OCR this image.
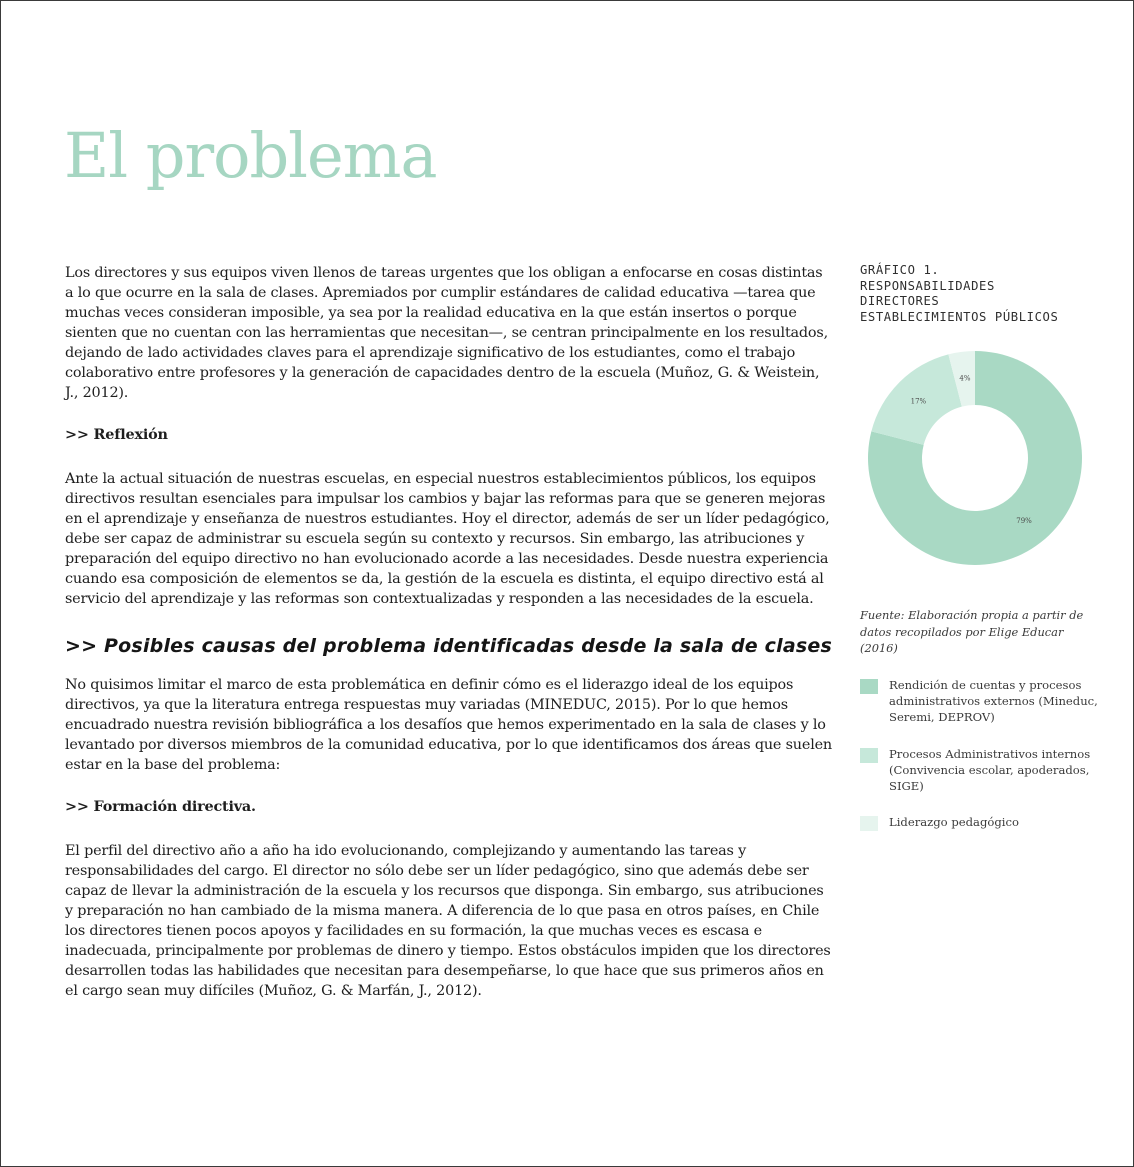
El problema

Los directores y sus equipos viven llenos de tareas urgentes que los obligan a enfocarse en cosas distintas a lo que ocurre en la sala de clases. Apremiados por cumplir estándares de calidad educativa —tarea que muchas veces consideran imposible, ya sea por la realidad educativa en la que están insertos o porque sienten que no cuentan con las herramientas que necesitan—, se centran principalmente en los resultados, dejando de lado actividades claves para el aprendizaje significativo de los estudiantes, como el trabajo colaborativo entre profesores y la generación de capacidades dentro de la escuela (Muñoz, G. & Weistein, J., 2012).

>> Reflexión

Ante la actual situación de nuestras escuelas, en especial nuestros establecimientos públicos, los equipos directivos resultan esenciales para impulsar los cambios y bajar las reformas para que se generen mejoras en el aprendizaje y enseñanza de nuestros estudiantes. Hoy el director, además de ser un líder pedagógico, debe ser capaz de administrar su escuela según su contexto y recursos. Sin embargo, las atribuciones y preparación del equipo directivo no han evolucionado acorde a las necesidades. Desde nuestra experiencia cuando esa composición de elementos se da, la gestión de la escuela es distinta, el equipo directivo está al servicio del aprendizaje y las reformas son contextualizadas y responden a las necesidades de la escuela.

>> Posibles causas del problema identificadas desde la sala de clases

No quisimos limitar el marco de esta problemática en definir cómo es el liderazgo ideal de los equipos directivos, ya que la literatura entrega respuestas muy variadas (MINEDUC, 2015). Por lo que hemos encuadrado nuestra revisión bibliográfica a los desafíos que hemos experimentado en la sala de clases y lo levantado por diversos miembros de la comunidad educativa, por lo que identificamos dos áreas que suelen estar en la base del problema:

>> Formación directiva.

El perfil del directivo año a año ha ido evolucionando, complejizando y aumentando las tareas y responsabilidades del cargo. El director no sólo debe ser un líder pedagógico, sino que además debe ser capaz de llevar la administración de la escuela y los recursos que disponga. Sin embargo, sus atribuciones y preparación no han cambiado de la misma manera. A diferencia de lo que pasa en otros países, en Chile los directores tienen pocos apoyos y facilidades en su formación, la que muchas veces es escasa e inadecuada, principalmente por problemas de dinero y tiempo. Estos obstáculos impiden que los directores desarrollen todas las habilidades que necesitan para desempeñarse, lo que hace que sus primeros años en el cargo sean muy difíciles (Muñoz, G. & Marfán, J., 2012).

GRÁFICO 1.

RESPONSABILIDADES

DIRECTORES

ESTABLECIMIENTOS PÚBLICOS

79%
17%
4%
Fuente: Elaboración propia a partir de datos recopilados por Elige Educar (2016)
Rendición de cuentas y procesos administrativos externos (Mineduc, Seremi, DEPROV)
Procesos Administrativos internos (Convivencia escolar, apoderados, SIGE)
Liderazgo pedagógico
